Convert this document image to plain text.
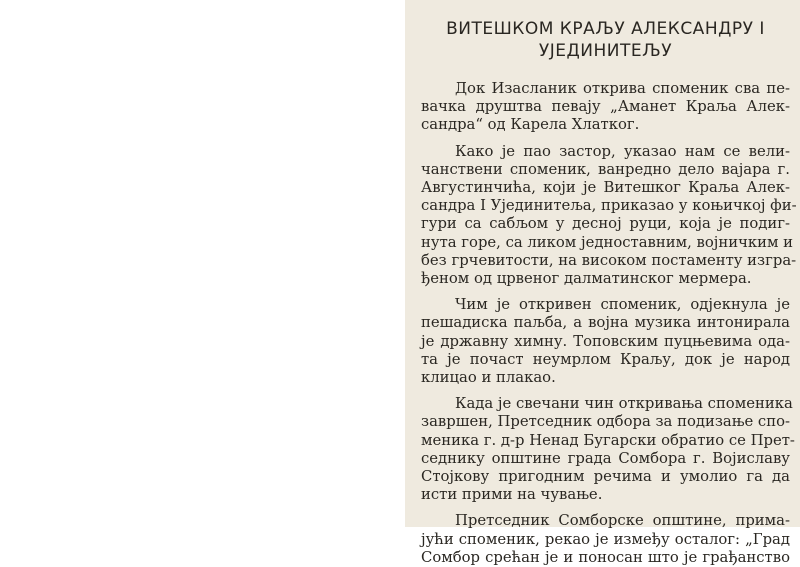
ВИТЕШКОМ КРАЉУ АЛЕКСАНДРУ I
УЈЕДИНИТЕЉУ
Док Изасланик открива споменик сва пе-
вачка друштва певају „Аманет Краља Алек-
сандра“ од Карела Хлатког.
Како је пао застор, указао нам се вели-
чанствени споменик, ванредно дело вајара г.
Августинчића, који је Витешког Краља Алек-
сандра I Ујединитеља, приказао у коњичкој фи-
гури са сабљом у десној руци, која је подиг-
нута горе, са ликом једноставним, војничким и
без грчевитости, на високом постаменту изгра-
ђеном од црвеног далматинског мермера.
Чим је откривен споменик, одјекнула је
пешадиска паљба, а војна музика интонирала
је државну химну. Топовским пуцњевима ода-
та је почаст неумрлом Краљу, док је народ
клицао и плакао.
Када је свечани чин откривања споменика
завршен, Претседник одбора за подизање спо-
меника г. д-р Ненад Бугарски обратио се Прет-
седнику општине града Сомбора г. Војиславу
Стојкову пригодним речима и умолио га да
исти прими на чување.
Претседник Сомборске општине, прима-
јући споменик, рекао је између осталог: „Град
Сомбор срећан је и поносан што је грађанство
